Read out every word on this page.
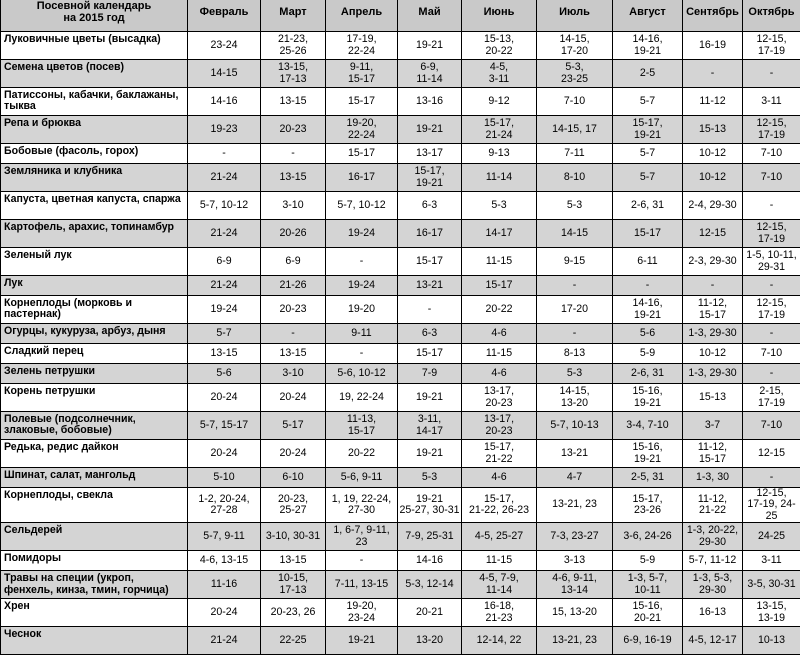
Посевной календарь
на 2015 год	Февраль	Март	Апрель	Май	Июнь	Июль	Август	Сентябрь	Октябрь
Луковичные цветы (высадка)	23-24	21-23,
25-26	17-19,
22-24	19-21	15-13,
20-22	14-15,
17-20	14-16,
19-21	16-19	12-15,
17-19
Семена цветов (посев)	14-15	13-15,
17-13	9-11,
15-17	6-9,
11-14	4-5,
3-11	5-3,
23-25	2-5	-	-
Патиссоны, кабачки, баклажаны, тыква	14-16	13-15	15-17	13-16	9-12	7-10	5-7	11-12	3-11
Репа и брюква	19-23	20-23	19-20,
22-24	19-21	15-17,
21-24	14-15, 17	15-17,
19-21	15-13	12-15,
17-19
Бобовые (фасоль, горох)	-	-	15-17	13-17	9-13	7-11	5-7	10-12	7-10
Земляника и клубника	21-24	13-15	16-17	15-17,
19-21	11-14	8-10	5-7	10-12	7-10
Капуста, цветная капуста, спаржа	5-7, 10-12	3-10	5-7, 10-12	6-3	5-3	5-3	2-6, 31	2-4, 29-30	-
Картофель, арахис, топинамбур	21-24	20-26	19-24	16-17	14-17	14-15	15-17	12-15	12-15,
17-19
Зеленый лук	6-9	6-9	-	15-17	11-15	9-15	6-11	2-3, 29-30	1-5, 10-11,
29-31
Лук	21-24	21-26	19-24	13-21	15-17	-	-	-	-
Корнеплоды (морковь и пастернак)	19-24	20-23	19-20	-	20-22	17-20	14-16,
19-21	11-12,
15-17	12-15,
17-19
Огурцы, кукуруза, арбуз, дыня	5-7	-	9-11	6-3	4-6	-	5-6	1-3, 29-30	-
Сладкий перец	13-15	13-15	-	15-17	11-15	8-13	5-9	10-12	7-10
Зелень петрушки	5-6	3-10	5-6, 10-12	7-9	4-6	5-3	2-6, 31	1-3, 29-30	-
Корень петрушки	20-24	20-24	19, 22-24	19-21	13-17,
20-23	14-15,
13-20	15-16,
19-21	15-13	2-15,
17-19
Полевые (подсолнечник, злаковые, бобовые)	5-7, 15-17	5-17	11-13,
15-17	3-11,
14-17	13-17,
20-23	5-7, 10-13	3-4, 7-10	3-7	7-10
Редька, редис дайкон	20-24	20-24	20-22	19-21	15-17,
21-22	13-21	15-16,
19-21	11-12,
15-17	12-15
Шпинат, салат, мангольд	5-10	6-10	5-6, 9-11	5-3	4-6	4-7	2-5, 31	1-3, 30	-
Корнеплоды, свекла	1-2, 20-24,
27-28	20-23,
25-27	1, 19, 22-24,
27-30	19-21
25-27, 30-31	15-17,
21-22, 26-23	13-21, 23	15-17,
23-26	11-12,
21-22	12-15,
17-19, 24-25
Сельдерей	5-7, 9-11	3-10, 30-31	1, 6-7, 9-11,
23	7-9, 25-31	4-5, 25-27	7-3, 23-27	3-6, 24-26	1-3, 20-22,
29-30	24-25
Помидоры	4-6, 13-15	13-15	-	14-16	11-15	3-13	5-9	5-7, 11-12	3-11
Травы на специи (укроп, фенхель, кинза, тмин, горчица)	11-16	10-15,
17-13	7-11, 13-15	5-3, 12-14	4-5, 7-9,
11-14	4-6, 9-11,
13-14	1-3, 5-7,
10-11	1-3, 5-3,
29-30	3-5, 30-31
Хрен	20-24	20-23, 26	19-20,
23-24	20-21	16-18,
21-23	15, 13-20	15-16,
20-21	16-13	13-15,
13-19
Чеснок	21-24	22-25	19-21	13-20	12-14, 22	13-21, 23	6-9, 16-19	4-5, 12-17	10-13
